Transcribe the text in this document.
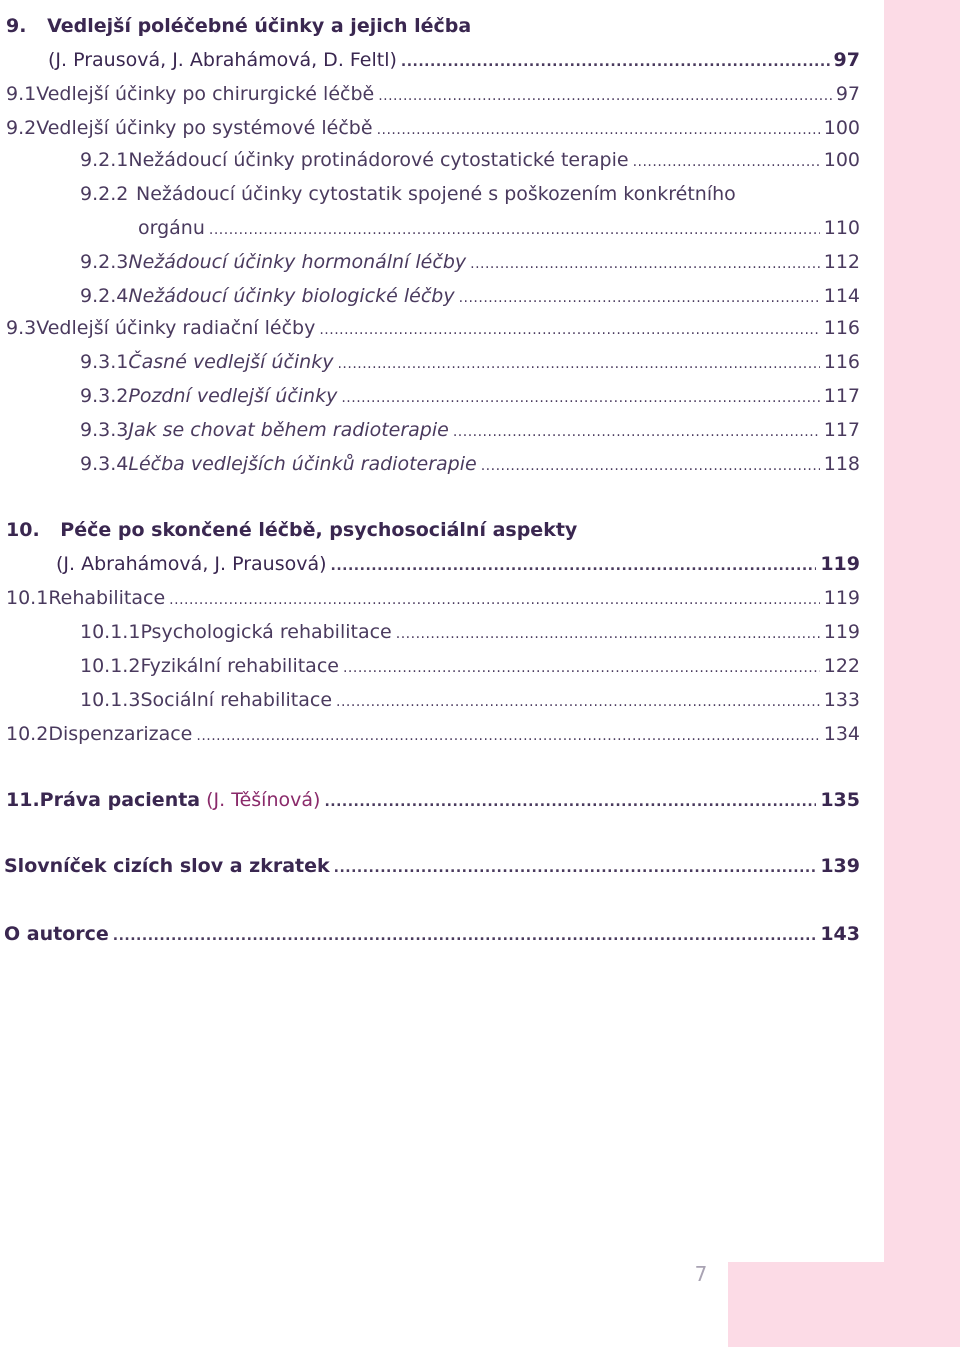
7
9. Vedlejší poléčebné účinky a jejich léčba
(J. Prausová, J. Abrahámová, D. Feltl) .....	97
9.1 Vedlejší účinky po chirurgické léčbě .....	97
9.2 Vedlejší účinky po systémové léčbě .....	100
9.2.1 Nežádoucí účinky protinádorové cytostatické terapie .....	100
9.2.2 Nežádoucí účinky cytostatik spojené s poškozením konkrétního
orgánu .....	110
9.2.3 Nežádoucí účinky hormonální léčby .....	112
9.2.4 Nežádoucí účinky biologické léčby .....	114
9.3 Vedlejší účinky radiační léčby .....	116
9.3.1 Časné vedlejší účinky .....	116
9.3.2 Pozdní vedlejší účinky .....	117
9.3.3 Jak se chovat během radioterapie .....	117
9.3.4 Léčba vedlejších účinků radioterapie .....	118
10. Péče po skončené léčbě, psychosociální aspekty
(J. Abrahámová, J. Prausová) .....	119
10.1 Rehabilitace .....	119
10.1.1 Psychologická rehabilitace .....	119
10.1.2 Fyzikální rehabilitace .....	122
10.1.3 Sociální rehabilitace .....	133
10.2 Dispenzarizace .....	134
11. Práva pacienta (J. Těšínová) .....	135
Slovníček cizích slov a zkratek .....	139
O autorce .....	143
